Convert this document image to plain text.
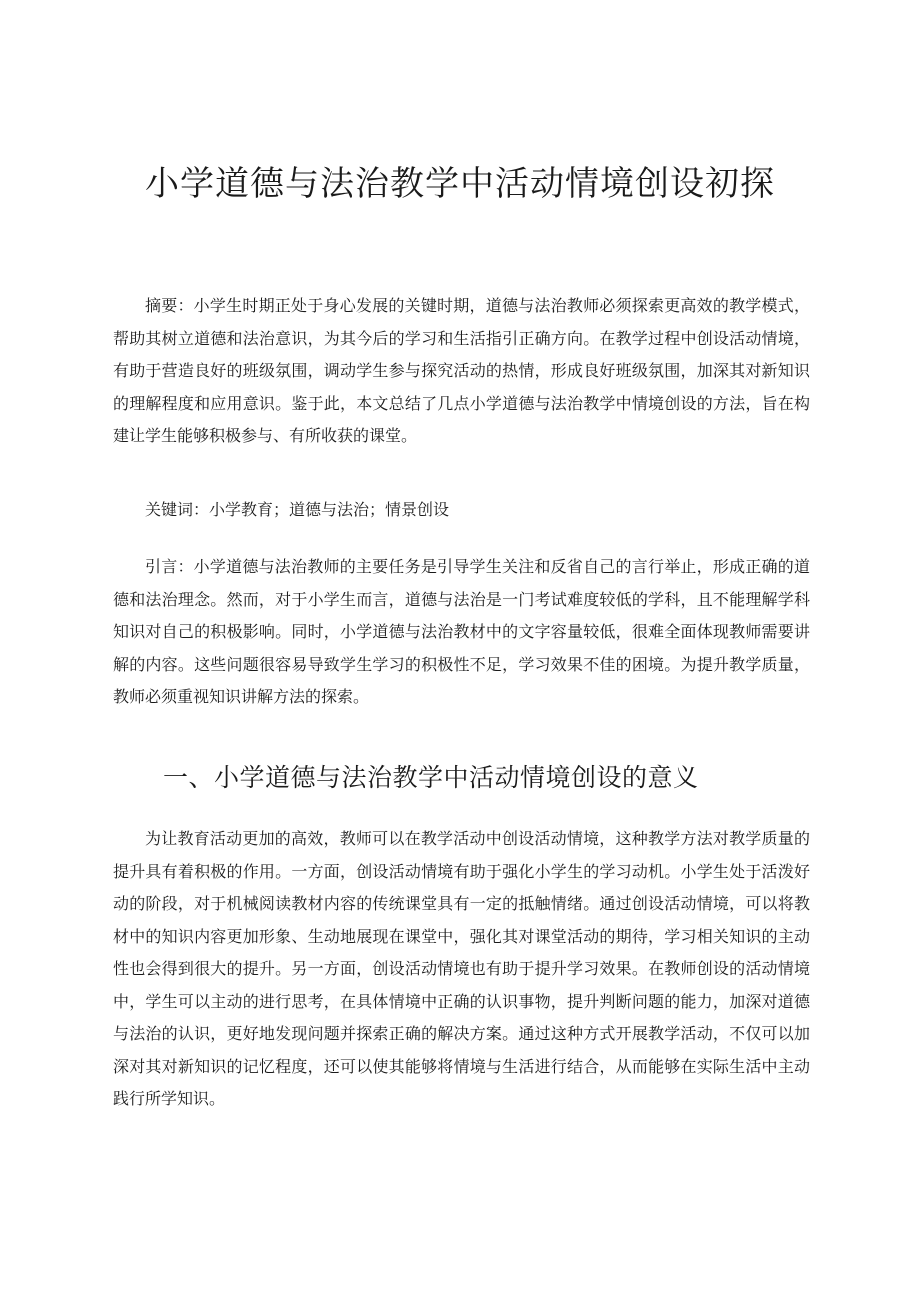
小学道德与法治教学中活动情境创设初探

摘要：小学生时期正处于身心发展的关键时期，道德与法治教师必须探索更高效的教学模式，帮助其树立道德和法治意识，为其今后的学习和生活指引正确方向。在教学过程中创设活动情境，有助于营造良好的班级氛围，调动学生参与探究活动的热情，形成良好班级氛围，加深其对新知识的理解程度和应用意识。鉴于此，本文总结了几点小学道德与法治教学中情境创设的方法，旨在构建让学生能够积极参与、有所收获的课堂。

关键词：小学教育；道德与法治；情景创设

引言：小学道德与法治教师的主要任务是引导学生关注和反省自己的言行举止，形成正确的道德和法治理念。然而，对于小学生而言，道德与法治是一门考试难度较低的学科，且不能理解学科知识对自己的积极影响。同时，小学道德与法治教材中的文字容量较低，很难全面体现教师需要讲解的内容。这些问题很容易导致学生学习的积极性不足，学习效果不佳的困境。为提升教学质量，教师必须重视知识讲解方法的探索。

一、小学道德与法治教学中活动情境创设的意义

为让教育活动更加的高效，教师可以在教学活动中创设活动情境，这种教学方法对教学质量的提升具有着积极的作用。一方面，创设活动情境有助于强化小学生的学习动机。小学生处于活泼好动的阶段，对于机械阅读教材内容的传统课堂具有一定的抵触情绪。通过创设活动情境，可以将教材中的知识内容更加形象、生动地展现在课堂中，强化其对课堂活动的期待，学习相关知识的主动性也会得到很大的提升。另一方面，创设活动情境也有助于提升学习效果。在教师创设的活动情境中，学生可以主动的进行思考，在具体情境中正确的认识事物，提升判断问题的能力，加深对道德与法治的认识，更好地发现问题并探索正确的解决方案。通过这种方式开展教学活动，不仅可以加深对其对新知识的记忆程度，还可以使其能够将情境与生活进行结合，从而能够在实际生活中主动践行所学知识。
